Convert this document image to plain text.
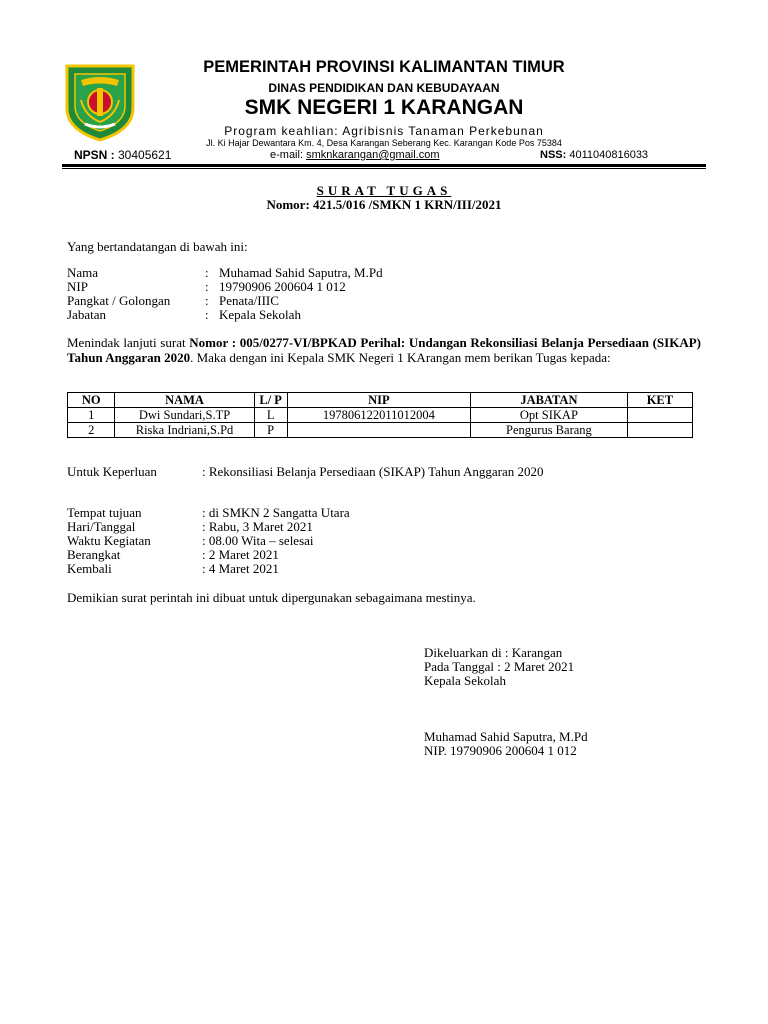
PEMERINTAH PROVINSI KALIMANTAN TIMUR
DINAS PENDIDIKAN DAN KEBUDAYAAN
SMK NEGERI 1 KARANGAN
Program keahlian: Agribisnis Tanaman Perkebunan
Jl. Ki Hajar Dewantara Km. 4, Desa Karangan Seberang Kec. Karangan Kode Pos 75384
NPSN : 30405621	e-mail: smknkarangan@gmail.com	NSS: 4011040816033
SURAT TUGAS
Nomor: 421.5/016 /SMKN 1 KRN/III/2021
Yang bertandatangan di bawah ini:
Nama	: Muhamad Sahid Saputra, M.Pd
NIP	: 19790906 200604 1 012
Pangkat / Golongan	: Penata/IIIC
Jabatan	: Kepala Sekolah
Menindak lanjuti surat Nomor : 005/0277-VI/BPKAD Perihal: Undangan Rekonsiliasi Belanja Persediaan (SIKAP) Tahun Anggaran 2020. Maka dengan ini Kepala SMK Negeri 1 KArangan mem berikan Tugas kepada:
NO	NAMA	L/ P	NIP	JABATAN	KET
1	Dwi Sundari,S.TP	L	197806122011012004	Opt SIKAP	
2	Riska Indriani,S.Pd	P		Pengurus Barang	
Untuk Keperluan	: Rekonsiliasi Belanja Persediaan (SIKAP) Tahun Anggaran 2020
Tempat tujuan	: di SMKN 2 Sangatta Utara
Hari/Tanggal	: Rabu, 3 Maret 2021
Waktu Kegiatan	: 08.00 Wita – selesai
Berangkat	: 2 Maret 2021
Kembali	: 4 Maret 2021
Demikian surat perintah ini dibuat untuk dipergunakan sebagaimana mestinya.
Dikeluarkan di : Karangan
Pada Tanggal : 2 Maret 2021
Kepala Sekolah
Muhamad Sahid Saputra, M.Pd
NIP. 19790906 200604 1 012
